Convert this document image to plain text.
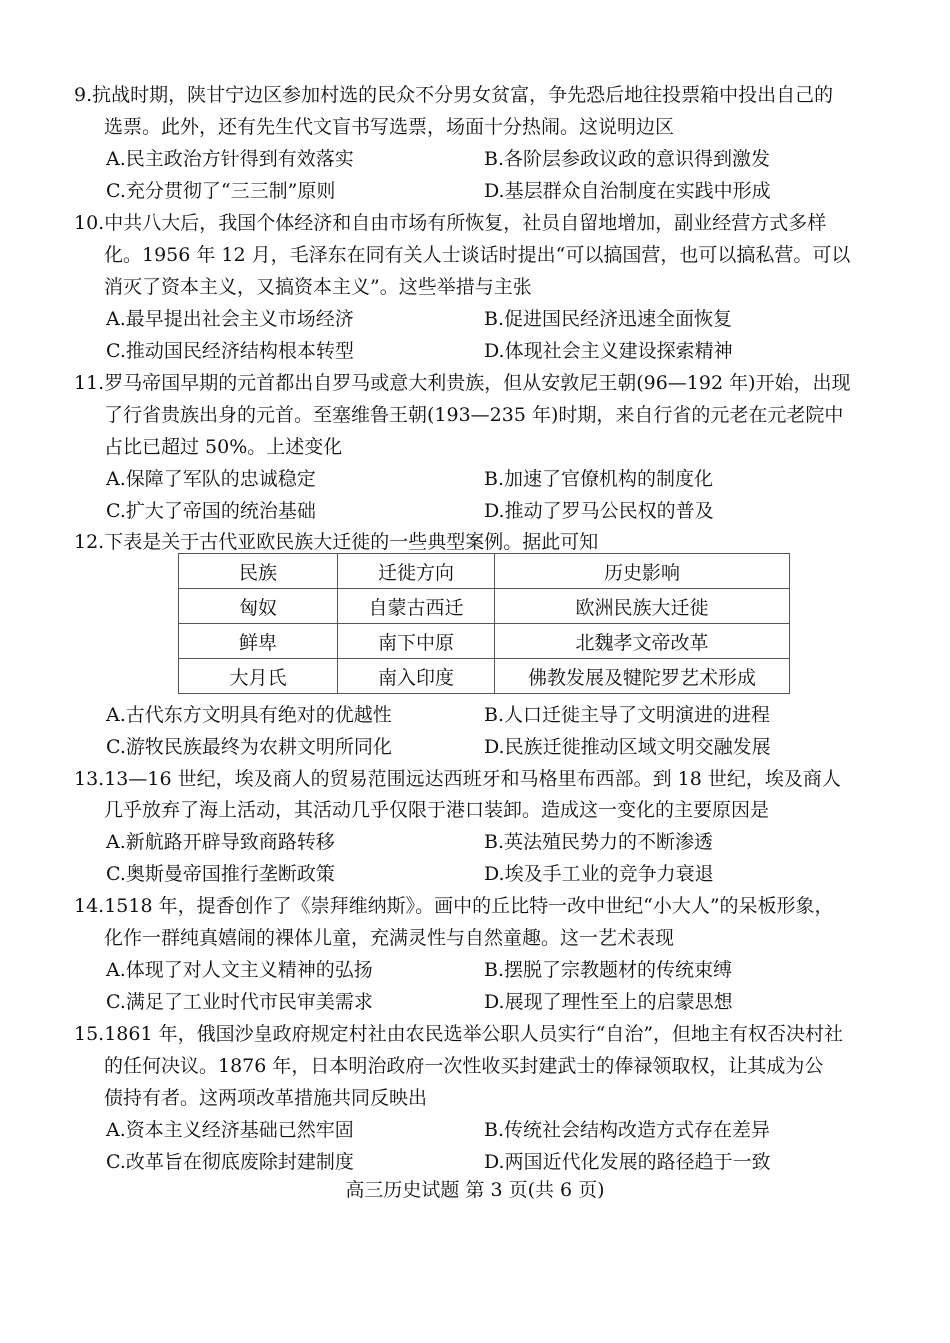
9.抗战时期，陕甘宁边区参加村选的民众不分男女贫富，争先恐后地往投票箱中投出自己的
选票。此外，还有先生代文盲书写选票，场面十分热闹。这说明边区
A.民主政治方针得到有效落实	B.各阶层参政议政的意识得到激发
C.充分贯彻了“三三制”原则	D.基层群众自治制度在实践中形成
10.中共八大后，我国个体经济和自由市场有所恢复，社员自留地增加，副业经营方式多样
化。1956 年 12 月，毛泽东在同有关人士谈话时提出“可以搞国营，也可以搞私营。可以
消灭了资本主义，又搞资本主义”。这些举措与主张
A.最早提出社会主义市场经济	B.促进国民经济迅速全面恢复
C.推动国民经济结构根本转型	D.体现社会主义建设探索精神
11.罗马帝国早期的元首都出自罗马或意大利贵族，但从安敦尼王朝(96—192 年)开始，出现
了行省贵族出身的元首。至塞维鲁王朝(193—235 年)时期，来自行省的元老在元老院中
占比已超过 50%。上述变化
A.保障了军队的忠诚稳定	B.加速了官僚机构的制度化
C.扩大了帝国的统治基础	D.推动了罗马公民权的普及
12.下表是关于古代亚欧民族大迁徙的一些典型案例。据此可知
民族	迁徙方向	历史影响
匈奴	自蒙古西迁	欧洲民族大迁徙
鲜卑	南下中原	北魏孝文帝改革
大月氏	南入印度	佛教发展及犍陀罗艺术形成
A.古代东方文明具有绝对的优越性	B.人口迁徙主导了文明演进的进程
C.游牧民族最终为农耕文明所同化	D.民族迁徙推动区域文明交融发展
13.13—16 世纪，埃及商人的贸易范围远达西班牙和马格里布西部。到 18 世纪，埃及商人
几乎放弃了海上活动，其活动几乎仅限于港口装卸。造成这一变化的主要原因是
A.新航路开辟导致商路转移	B.英法殖民势力的不断渗透
C.奥斯曼帝国推行垄断政策	D.埃及手工业的竞争力衰退
14.1518 年，提香创作了《崇拜维纳斯》。画中的丘比特一改中世纪“小大人”的呆板形象，
化作一群纯真嬉闹的裸体儿童，充满灵性与自然童趣。这一艺术表现
A.体现了对人文主义精神的弘扬	B.摆脱了宗教题材的传统束缚
C.满足了工业时代市民审美需求	D.展现了理性至上的启蒙思想
15.1861 年，俄国沙皇政府规定村社由农民选举公职人员实行“自治”，但地主有权否决村社
的任何决议。1876 年，日本明治政府一次性收买封建武士的俸禄领取权，让其成为公
债持有者。这两项改革措施共同反映出
A.资本主义经济基础已然牢固	B.传统社会结构改造方式存在差异
C.改革旨在彻底废除封建制度	D.两国近代化发展的路径趋于一致
高三历史试题 第 3 页(共 6 页)
